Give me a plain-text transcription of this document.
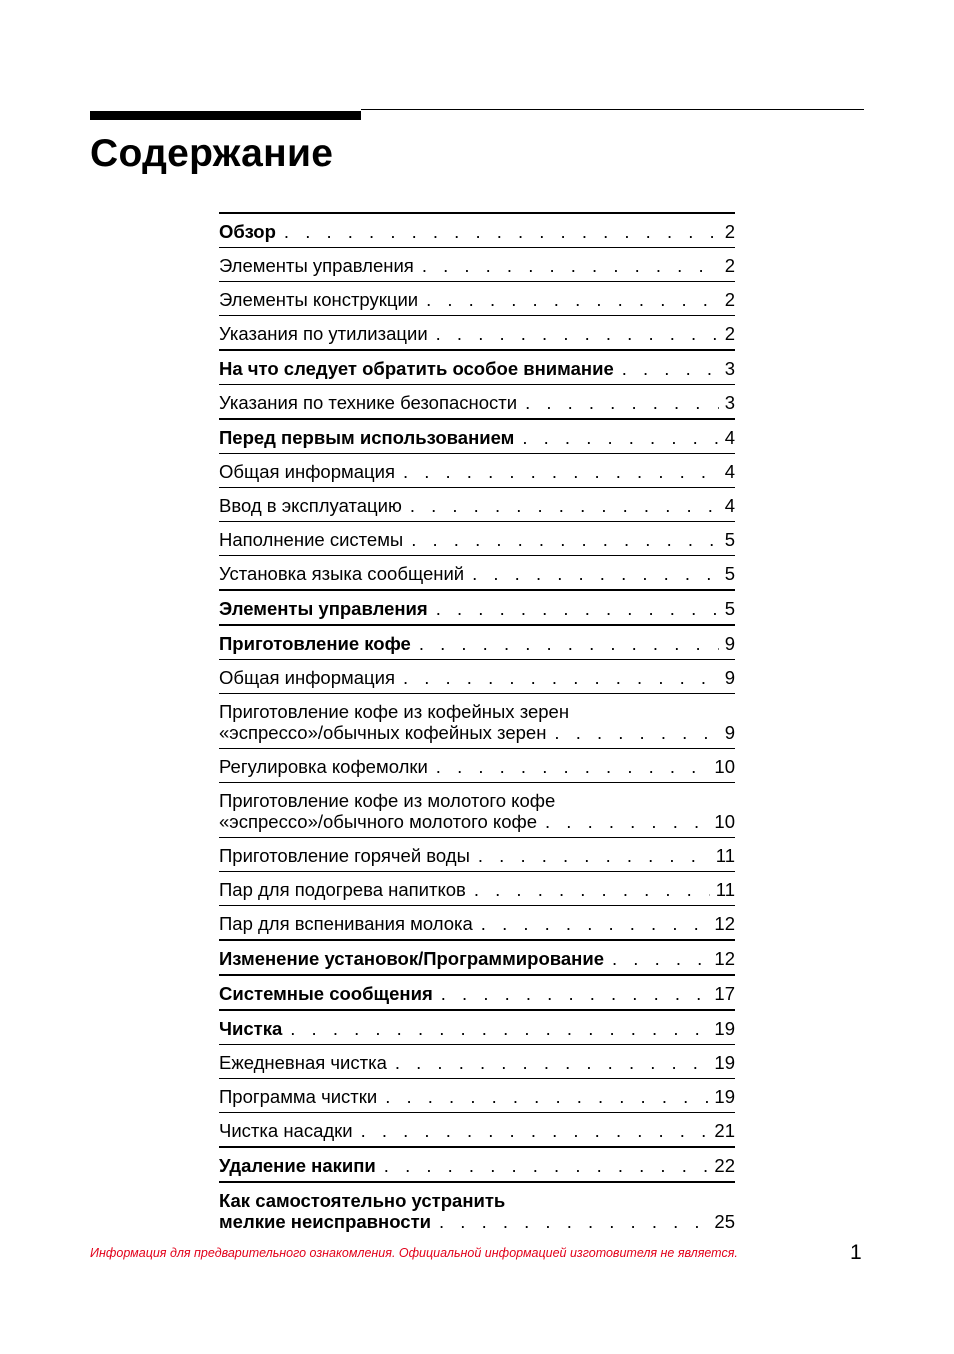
Содержание
Обзор . . .	2
Элементы управления . . .	2
Элементы конструкции . . .	2
Указания по утилизации . . .	2
На что следует обратить особое внимание . . .	3
Указания по технике безопасности . . .	3
Перед первым использованием . . .	4
Общая информация . . .	4
Ввод в эксплуатацию . . .	4
Наполнение системы . . .	5
Установка языка сообщений . . .	5
Элементы управления . . .	5
Приготовление кофе . . .	9
Общая информация . . .	9
Приготовление кофе из кофейных зерен
«эспрессо»/обычных кофейных зерен . . .	9
Регулировка кофемолки . . .	10
Приготовление кофе из молотого кофе
«эспрессо»/обычного молотого кофе . . .	10
Приготовление горячей воды . . .	11
Пар для подогрева напитков . . .	11
Пар для вспенивания молока . . .	12
Изменение установок/Программирование . . .	12
Системные сообщения . . .	17
Чистка . . .	19
Ежедневная чистка . . .	19
Программа чистки . . .	19
Чистка насадки . . .	21
Удаление накипи . . .	22
Как самостоятельно устранить
мелкие неисправности . . .	25
Информация для предварительного ознакомления. Официальной информацией изготовителя не является.	1
